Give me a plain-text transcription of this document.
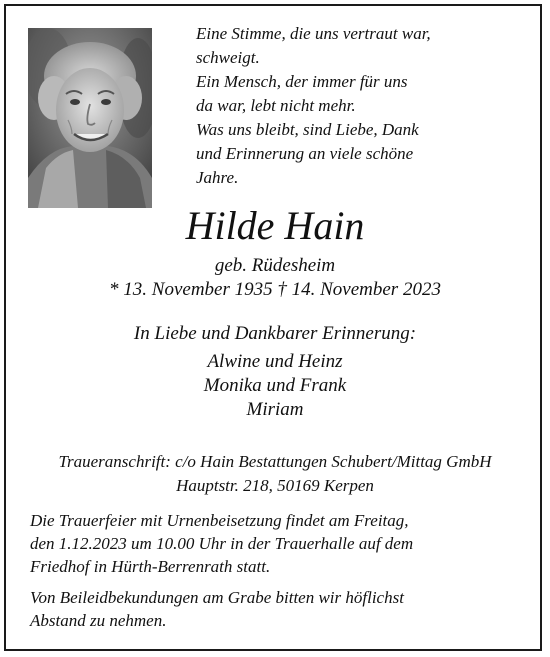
Eine Stimme, die uns vertraut war,
schweigt.
Ein Mensch, der immer für uns
da war, lebt nicht mehr.
Was uns bleibt, sind Liebe, Dank
und Erinnerung an viele schöne
Jahre.
Hilde Hain
geb. Rüdesheim
* 13. November 1935 † 14. November 2023
In Liebe und Dankbarer Erinnerung:
Alwine und Heinz
Monika und Frank
Miriam
Traueranschrift: c/o Hain Bestattungen Schubert/Mittag GmbH
Hauptstr. 218, 50169 Kerpen
Die Trauerfeier mit Urnenbeisetzung findet am Freitag,
den 1.12.2023 um 10.00 Uhr in der Trauerhalle auf dem
Friedhof in Hürth-Berrenrath statt.
Von Beileidbekundungen am Grabe bitten wir höflichst
Abstand zu nehmen.
